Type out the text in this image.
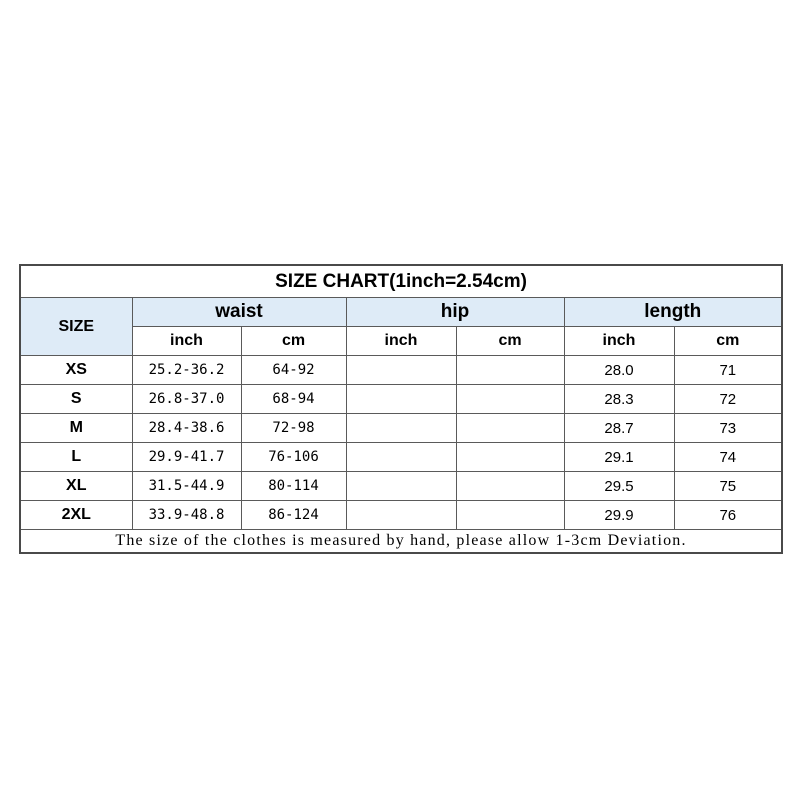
SIZE CHART(1inch=2.54cm)						
SIZE	waist		hip		length	
	inch	cm	inch	cm	inch	cm
XS	25.2-36.2	64-92			28.0	71
S	26.8-37.0	68-94			28.3	72
M	28.4-38.6	72-98			28.7	73
L	29.9-41.7	76-106			29.1	74
XL	31.5-44.9	80-114			29.5	75
2XL	33.9-48.8	86-124			29.9	76
The size of the clothes is measured by hand, please allow 1-3cm Deviation.						
